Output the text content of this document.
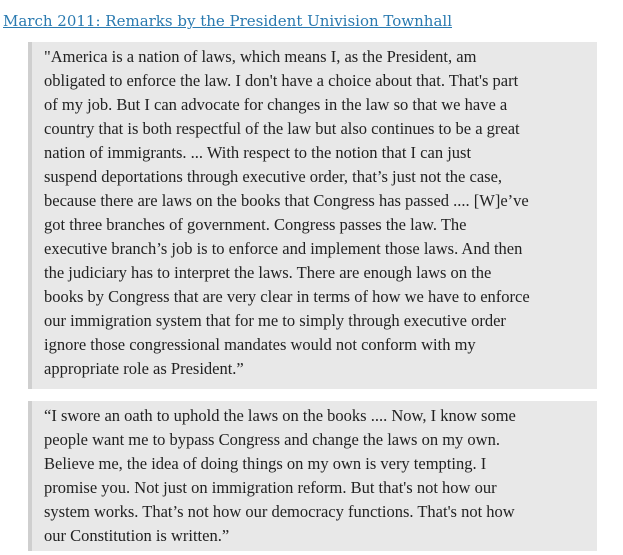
March 2011: Remarks by the President Univision Townhall
"America is a nation of laws, which means I, as the President, am
obligated to enforce the law. I don't have a choice about that. That's part
of my job. But I can advocate for changes in the law so that we have a
country that is both respectful of the law but also continues to be a great
nation of immigrants. ... With respect to the notion that I can just
suspend deportations through executive order, that’s just not the case,
because there are laws on the books that Congress has passed .... [W]e’ve
got three branches of government. Congress passes the law. The
executive branch’s job is to enforce and implement those laws. And then
the judiciary has to interpret the laws. There are enough laws on the
books by Congress that are very clear in terms of how we have to enforce
our immigration system that for me to simply through executive order
ignore those congressional mandates would not conform with my
appropriate role as President.”
“I swore an oath to uphold the laws on the books .... Now, I know some
people want me to bypass Congress and change the laws on my own.
Believe me, the idea of doing things on my own is very tempting. I
promise you. Not just on immigration reform. But that's not how our
system works. That’s not how our democracy functions. That's not how
our Constitution is written.”
